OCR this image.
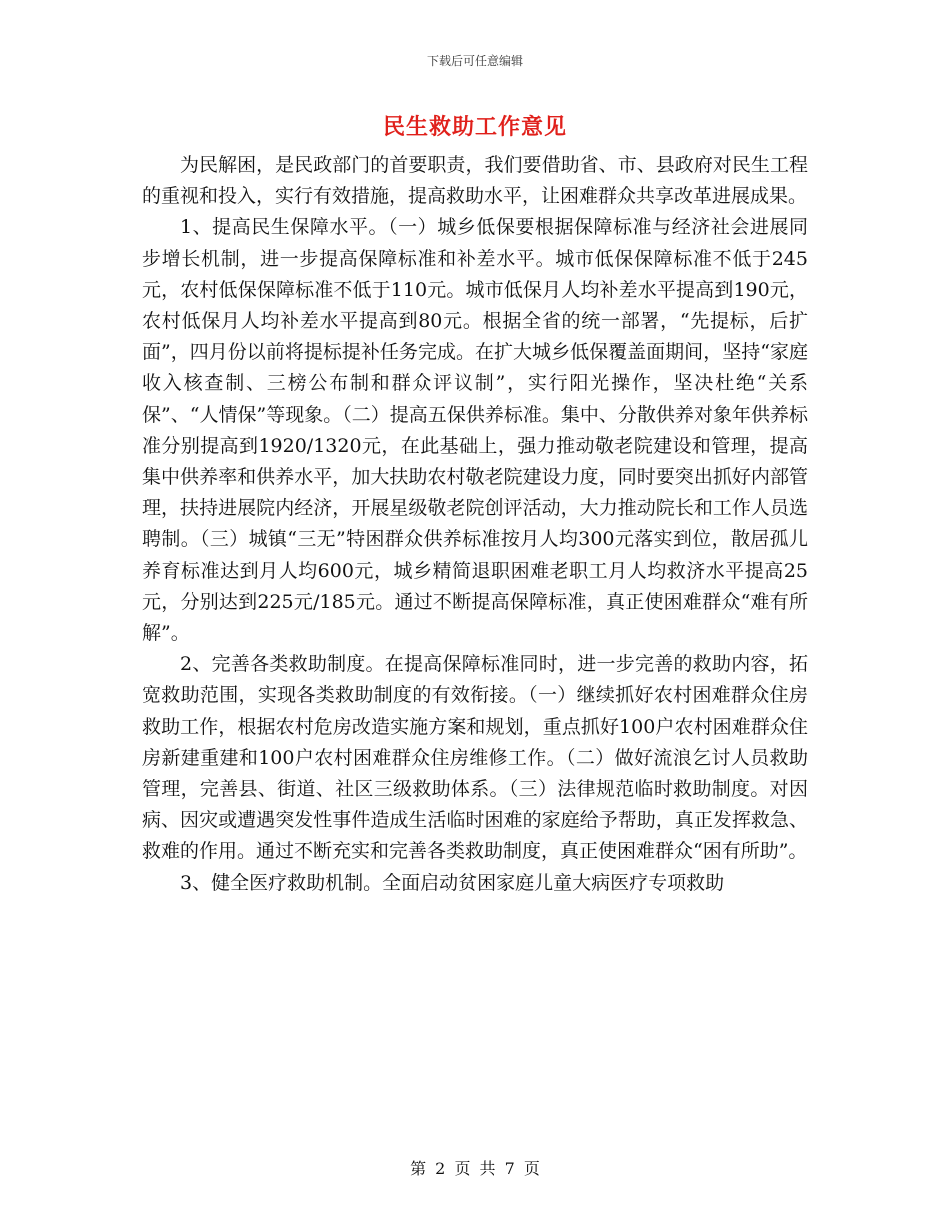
下载后可任意编辑
民生救助工作意见

为民解困，是民政部门的首要职责，我们要借助省、市、县政府对民生工程的重视和投入，实行有效措施，提高救助水平，让困难群众共享改革进展成果。

1、提高民生保障水平。（一）城乡低保要根据保障标准与经济社会进展同步增长机制，进一步提高保障标准和补差水平。城市低保保障标准不低于245元，农村低保保障标准不低于110元。城市低保月人均补差水平提高到190元，农村低保月人均补差水平提高到80元。根据全省的统一部署，“先提标，后扩面”，四月份以前将提标提补任务完成。在扩大城乡低保覆盖面期间，坚持“家庭收入核查制、三榜公布制和群众评议制”，实行阳光操作，坚决杜绝“关系保”、“人情保”等现象。（二）提高五保供养标准。集中、分散供养对象年供养标准分别提高到1920/1320元，在此基础上，强力推动敬老院建设和管理，提高集中供养率和供养水平，加大扶助农村敬老院建设力度，同时要突出抓好内部管理，扶持进展院内经济，开展星级敬老院创评活动，大力推动院长和工作人员选聘制。（三）城镇“三无”特困群众供养标准按月人均300元落实到位，散居孤儿养育标准达到月人均600元，城乡精简退职困难老职工月人均救济水平提高25元，分别达到225元/185元。通过不断提高保障标准，真正使困难群众“难有所解”。

2、完善各类救助制度。在提高保障标准同时，进一步完善的救助内容，拓宽救助范围，实现各类救助制度的有效衔接。（一）继续抓好农村困难群众住房救助工作，根据农村危房改造实施方案和规划，重点抓好100户农村困难群众住房新建重建和100户农村困难群众住房维修工作。（二）做好流浪乞讨人员救助管理，完善县、街道、社区三级救助体系。（三）法律规范临时救助制度。对因病、因灾或遭遇突发性事件造成生活临时困难的家庭给予帮助，真正发挥救急、救难的作用。通过不断充实和完善各类救助制度，真正使困难群众“困有所助”。

3、健全医疗救助机制。全面启动贫困家庭儿童大病医疗专项救助

第 2 页 共 7 页
